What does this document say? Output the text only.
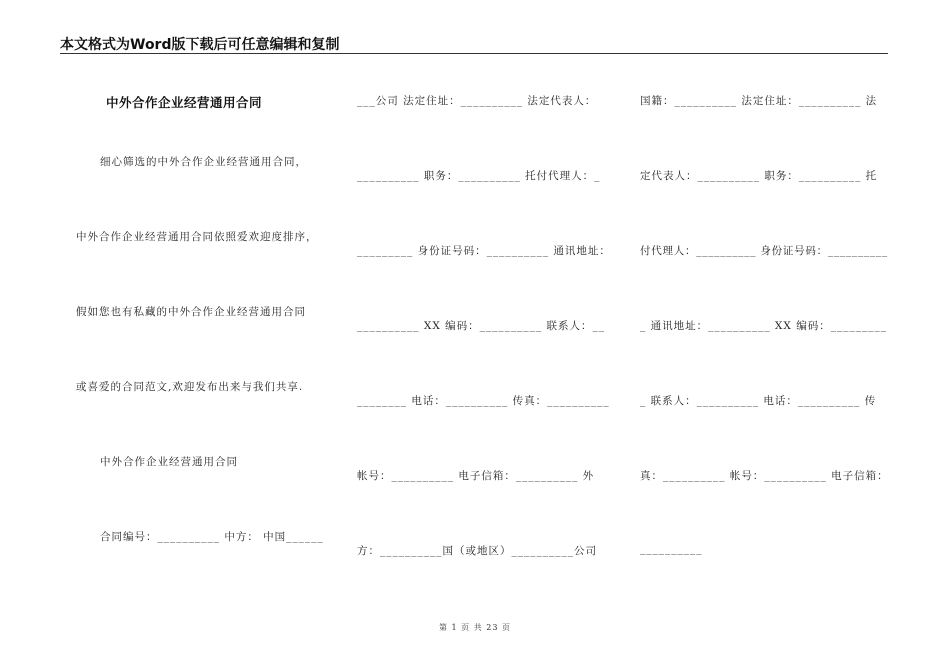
本文格式为Word版下载后可任意编辑和复制
中外合作企业经营通用合同
细心筛选的中外合作企业经营通用合同，
中外合作企业经营通用合同依照爱欢迎度排序，
假如您也有私藏的中外合作企业经营通用合同
或喜爱的合同范文,欢迎发布出来与我们共享.
中外合作企业经营通用合同
合同编号：__________ 中方： 中国______
___公司 法定住址：__________ 法定代表人：
__________ 职务：__________ 托付代理人：_
_________ 身份证号码：__________ 通讯地址：
__________ XX 编码：__________ 联系人：__
________ 电话：__________ 传真：__________
帐号：__________ 电子信箱：__________ 外
方：__________国（或地区）__________公司
国籍：__________ 法定住址：__________ 法
定代表人：__________ 职务：__________ 托
付代理人：__________ 身份证号码：__________
_ 通讯地址：__________ XX 编码：_________
_ 联系人：__________ 电话：__________ 传
真：__________ 帐号：__________ 电子信箱：
__________
第 1 页 共 23 页
